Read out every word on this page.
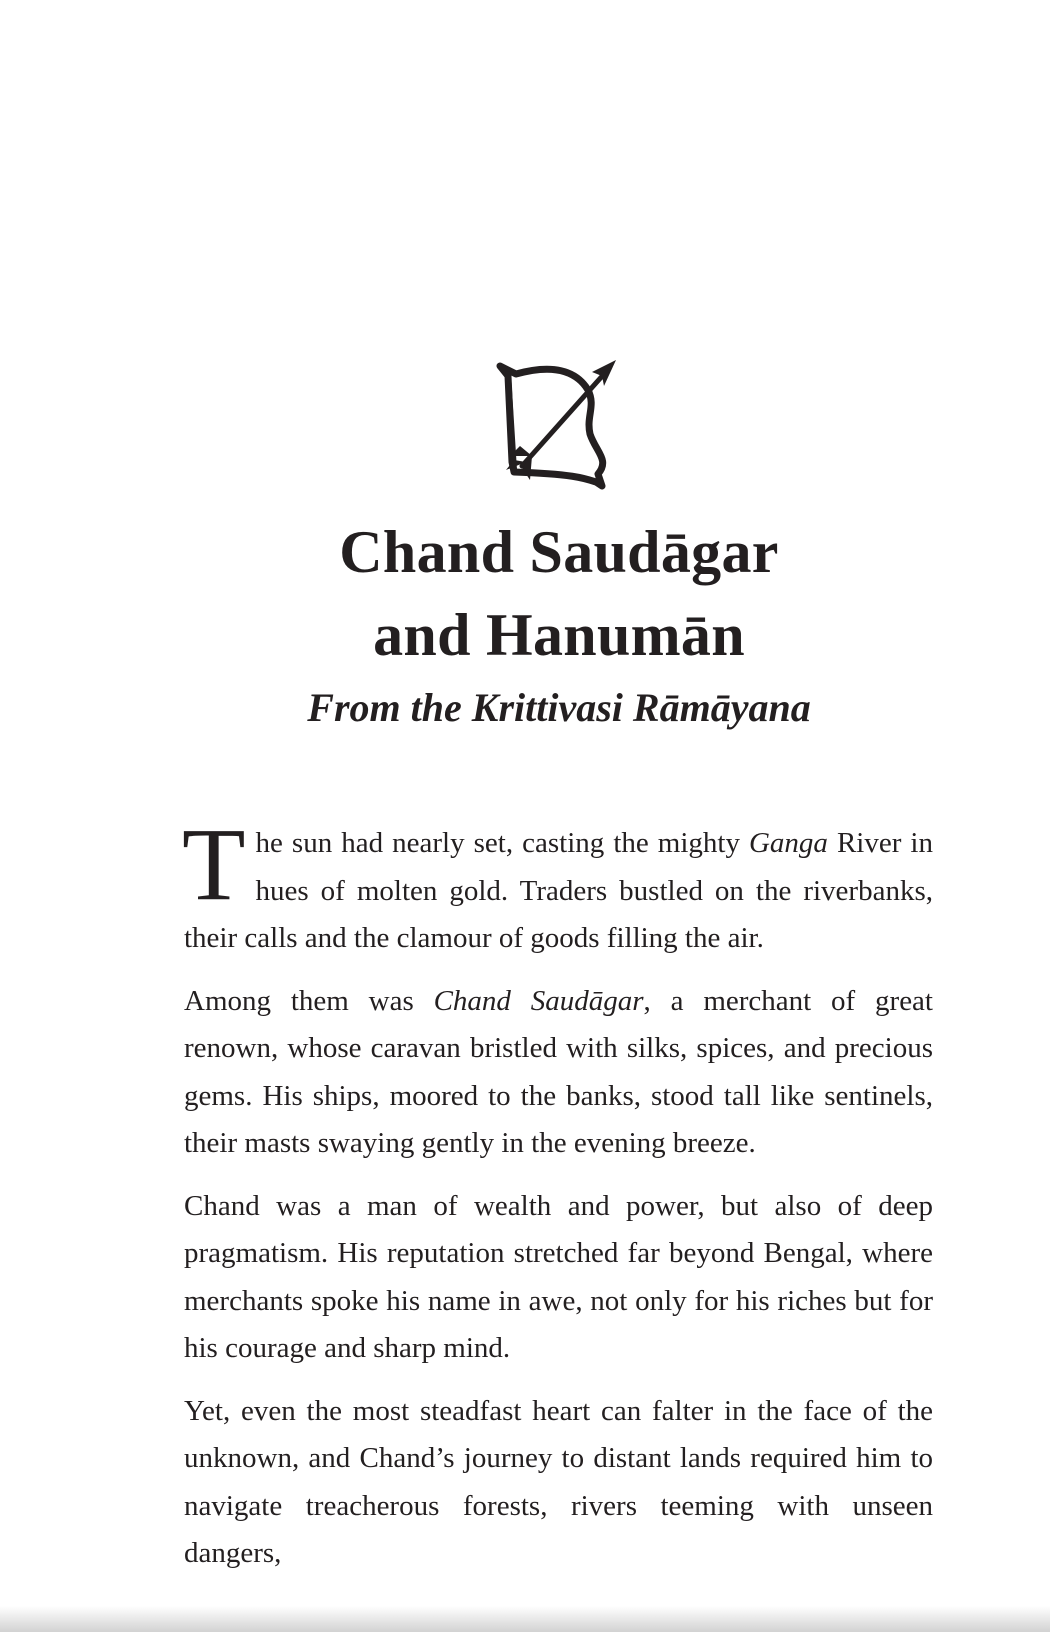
Chand Saudāgar
and Hanumān
From the Krittivasi Rāmāyana

The sun had nearly set, casting the mighty Ganga River in hues of molten gold. Traders bustled on the riverbanks, their calls and the clamour of goods filling the air.

Among them was Chand Saudāgar, a merchant of great renown, whose caravan bristled with silks, spices, and precious gems. His ships, moored to the banks, stood tall like sentinels, their masts swaying gently in the evening breeze.

Chand was a man of wealth and power, but also of deep pragmatism. His reputation stretched far beyond Bengal, where merchants spoke his name in awe, not only for his riches but for his courage and sharp mind.

Yet, even the most steadfast heart can falter in the face of the unknown, and Chand’s journey to distant lands required him to navigate treacherous forests, rivers teeming with unseen dangers,
